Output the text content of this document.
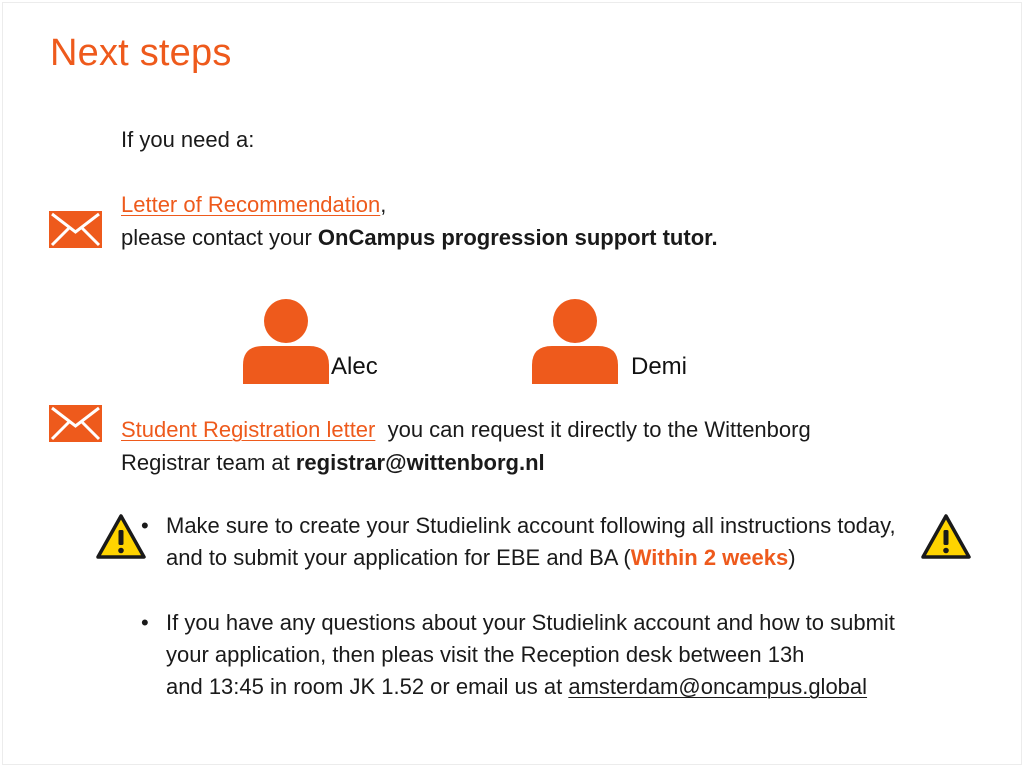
Next steps
If you need a:
Letter of Recommendation,
please contact your OnCampus progression support tutor.
Alec	Demi
Student Registration letter  you can request it directly to the Wittenborg
Registrar team at registrar@wittenborg.nl
• Make sure to create your Studielink account following all instructions today,
and to submit your application for EBE and BA (Within 2 weeks)
• If you have any questions about your Studielink account and how to submit
your application, then pleas visit the Reception desk between 13h
and 13:45 in room JK 1.52 or email us at amsterdam@oncampus.global
